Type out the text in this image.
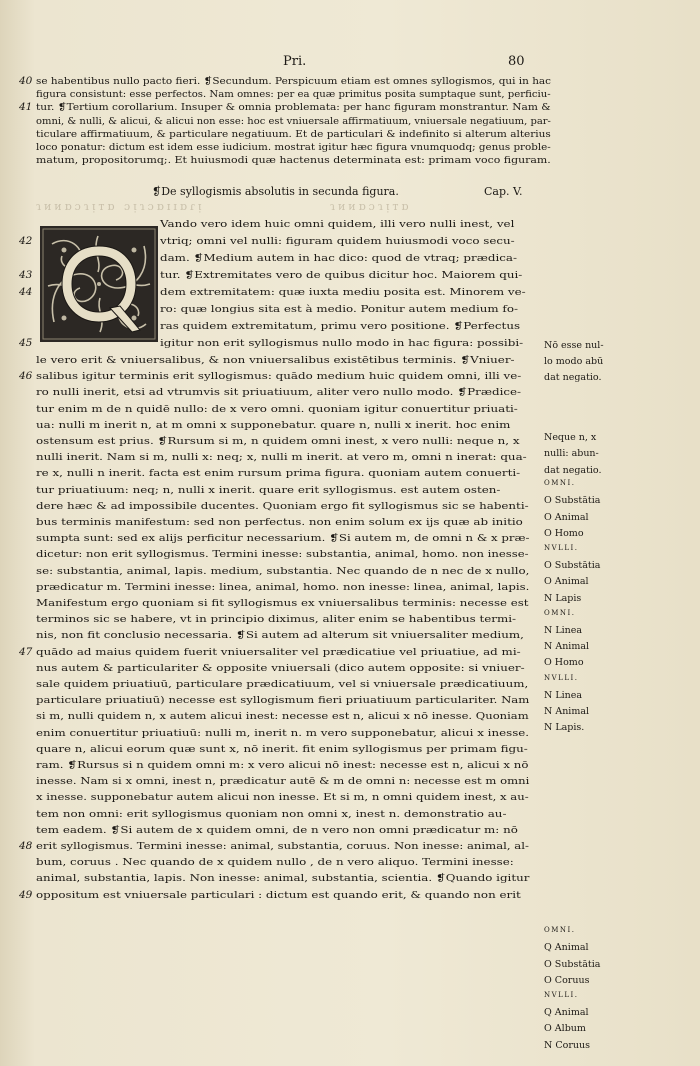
Pri.	80
ɿᴎᴎɒɔɿᴉᴛɒ ɔᴉɿɔɒɪɪɒɾᴉ	ɿᴎᴎɒɔɿᴉᴛɒ
se habentibus nullo pacto fieri. ❡Secundum. Perspicuum etiam est omnes syllogismos, qui in hac
figura consistunt: esse perfectos. Nam omnes: per ea quæ primitus posita sumptaque sunt, perficiu-
tur. ❡Tertium corollarium. Insuper & omnia problemata: per hanc figuram monstrantur. Nam &
omni, & nulli, & alicui, & alicui non esse: hoc est vniuersale affirmatiuum, vniuersale negatiuum, par-
ticulare affirmatiuum, & particulare negatiuum. Et de particulari & indefinito si alterum alterius
loco ponatur: dictum est idem esse iudicium. mostrat igitur hæc figura vnumquodq; genus proble-
matum, propositorumq;. Et huiusmodi quæ hactenus determinata est: primam voco figuram.
❡De syllogismis absolutis in secunda figura.	Cap. V.
Vando vero idem huic omni quidem, illi vero nulli inest, vel
vtriq; omni vel nulli: figuram quidem huiusmodi voco secu-
dam. ❡Medium autem in hac dico: quod de vtraq; prædica-
tur. ❡Extremitates vero de quibus dicitur hoc. Maiorem qui-
dem extremitatem: quæ iuxta mediu posita est. Minorem ve-
ro: quæ longius sita est à medio. Ponitur autem medium fo-
ras quidem extremitatum, primu vero positione. ❡Perfectus
igitur non erit syllogismus nullo modo in hac figura: possibi-
le vero erit & vniuersalibus, & non vniuersalibus existētibus terminis. ❡Vniuer-
salibus igitur terminis erit syllogismus: quādo medium huic quidem omni, illi ve-
ro nulli inerit, etsi ad vtrumvis sit priuatiuum, aliter vero nullo modo. ❡Prædice-
tur enim m de n quidē nullo: de x vero omni. quoniam igitur conuertitur priuati-
ua: nulli m inerit n, at m omni x supponebatur. quare n, nulli x inerit. hoc enim
ostensum est prius. ❡Rursum si m, n quidem omni inest, x vero nulli: neque n, x
nulli inerit. Nam si m, nulli x: neq; x, nulli m inerit. at vero m, omni n inerat: qua-
re x, nulli n inerit. facta est enim rursum prima figura. quoniam autem conuerti-
tur priuatiuum: neq; n, nulli x inerit. quare erit syllogismus. est autem osten-
dere hæc & ad impossibile ducentes. Quoniam ergo fit syllogismus sic se habenti-
bus terminis manifestum: sed non perfectus. non enim solum ex ijs quæ ab initio
sumpta sunt: sed ex alijs perficitur necessarium. ❡Si autem m, de omni n & x præ-
dicetur: non erit syllogismus. Termini inesse: substantia, animal, homo. non inesse-
se: substantia, animal, lapis. medium, substantia. Nec quando de n nec de x nullo,
prædicatur m. Termini inesse: linea, animal, homo. non inesse: linea, animal, lapis.
Manifestum ergo quoniam si fit syllogismus ex vniuersalibus terminis: necesse est
terminos sic se habere, vt in principio diximus, aliter enim se habentibus termi-
nis, non fit conclusio necessaria. ❡Si autem ad alterum sit vniuersaliter medium,
quādo ad maius quidem fuerit vniuersaliter vel prædicatiue vel priuatiue, ad mi-
nus autem & particulariter & opposite vniuersali (dico autem opposite: si vniuer-
sale quidem priuatiuū, particulare prædicatiuum, vel si vniuersale prædicatiuum,
particulare priuatiuū) necesse est syllogismum fieri priuatiuum particulariter. Nam
si m, nulli quidem n, x autem alicui inest: necesse est n, alicui x nō inesse. Quoniam
enim conuertitur priuatiuū: nulli m, inerit n. m vero supponebatur, alicui x inesse.
quare n, alicui eorum quæ sunt x, nō inerit. fit enim syllogismus per primam figu-
ram. ❡Rursus si n quidem omni m: x vero alicui nō inest: necesse est n, alicui x nō
inesse. Nam si x omni, inest n, prædicatur autē & m de omni n: necesse est m omni
x inesse. supponebatur autem alicui non inesse. Et si m, n omni quidem inest, x au-
tem non omni: erit syllogismus quoniam non omni x, inest n. demonstratio au-
tem eadem. ❡Si autem de x quidem omni, de n vero non omni prædicatur m: nō
erit syllogismus. Termini inesse: animal, substantia, coruus. Non inesse: animal, al-
bum, coruus . Nec quando de x quidem nullo , de n vero aliquo. Termini inesse:
animal, substantia, lapis. Non inesse: animal, substantia, scientia. ❡Quando igitur
oppositum est vniuersale particulari : dictum est quando erit, & quando non erit
40
41
42
43
44
45
46
47
48
49
Nō esse nul-
lo modo abū
dat negatio.
Neque n, x
nulli: abun-
dat negatio.
OMNI.
O Substātia
O Animal
O Homo
NVLLI.
O Substātia
O Animal
N Lapis
OMNI.
N Linea
N Animal
O Homo
NVLLI.
N Linea
N Animal
N Lapis.
OMNI.
Q Animal
O Substātia
O Coruus
NVLLI.
Q Animal
O Album
N Coruus
